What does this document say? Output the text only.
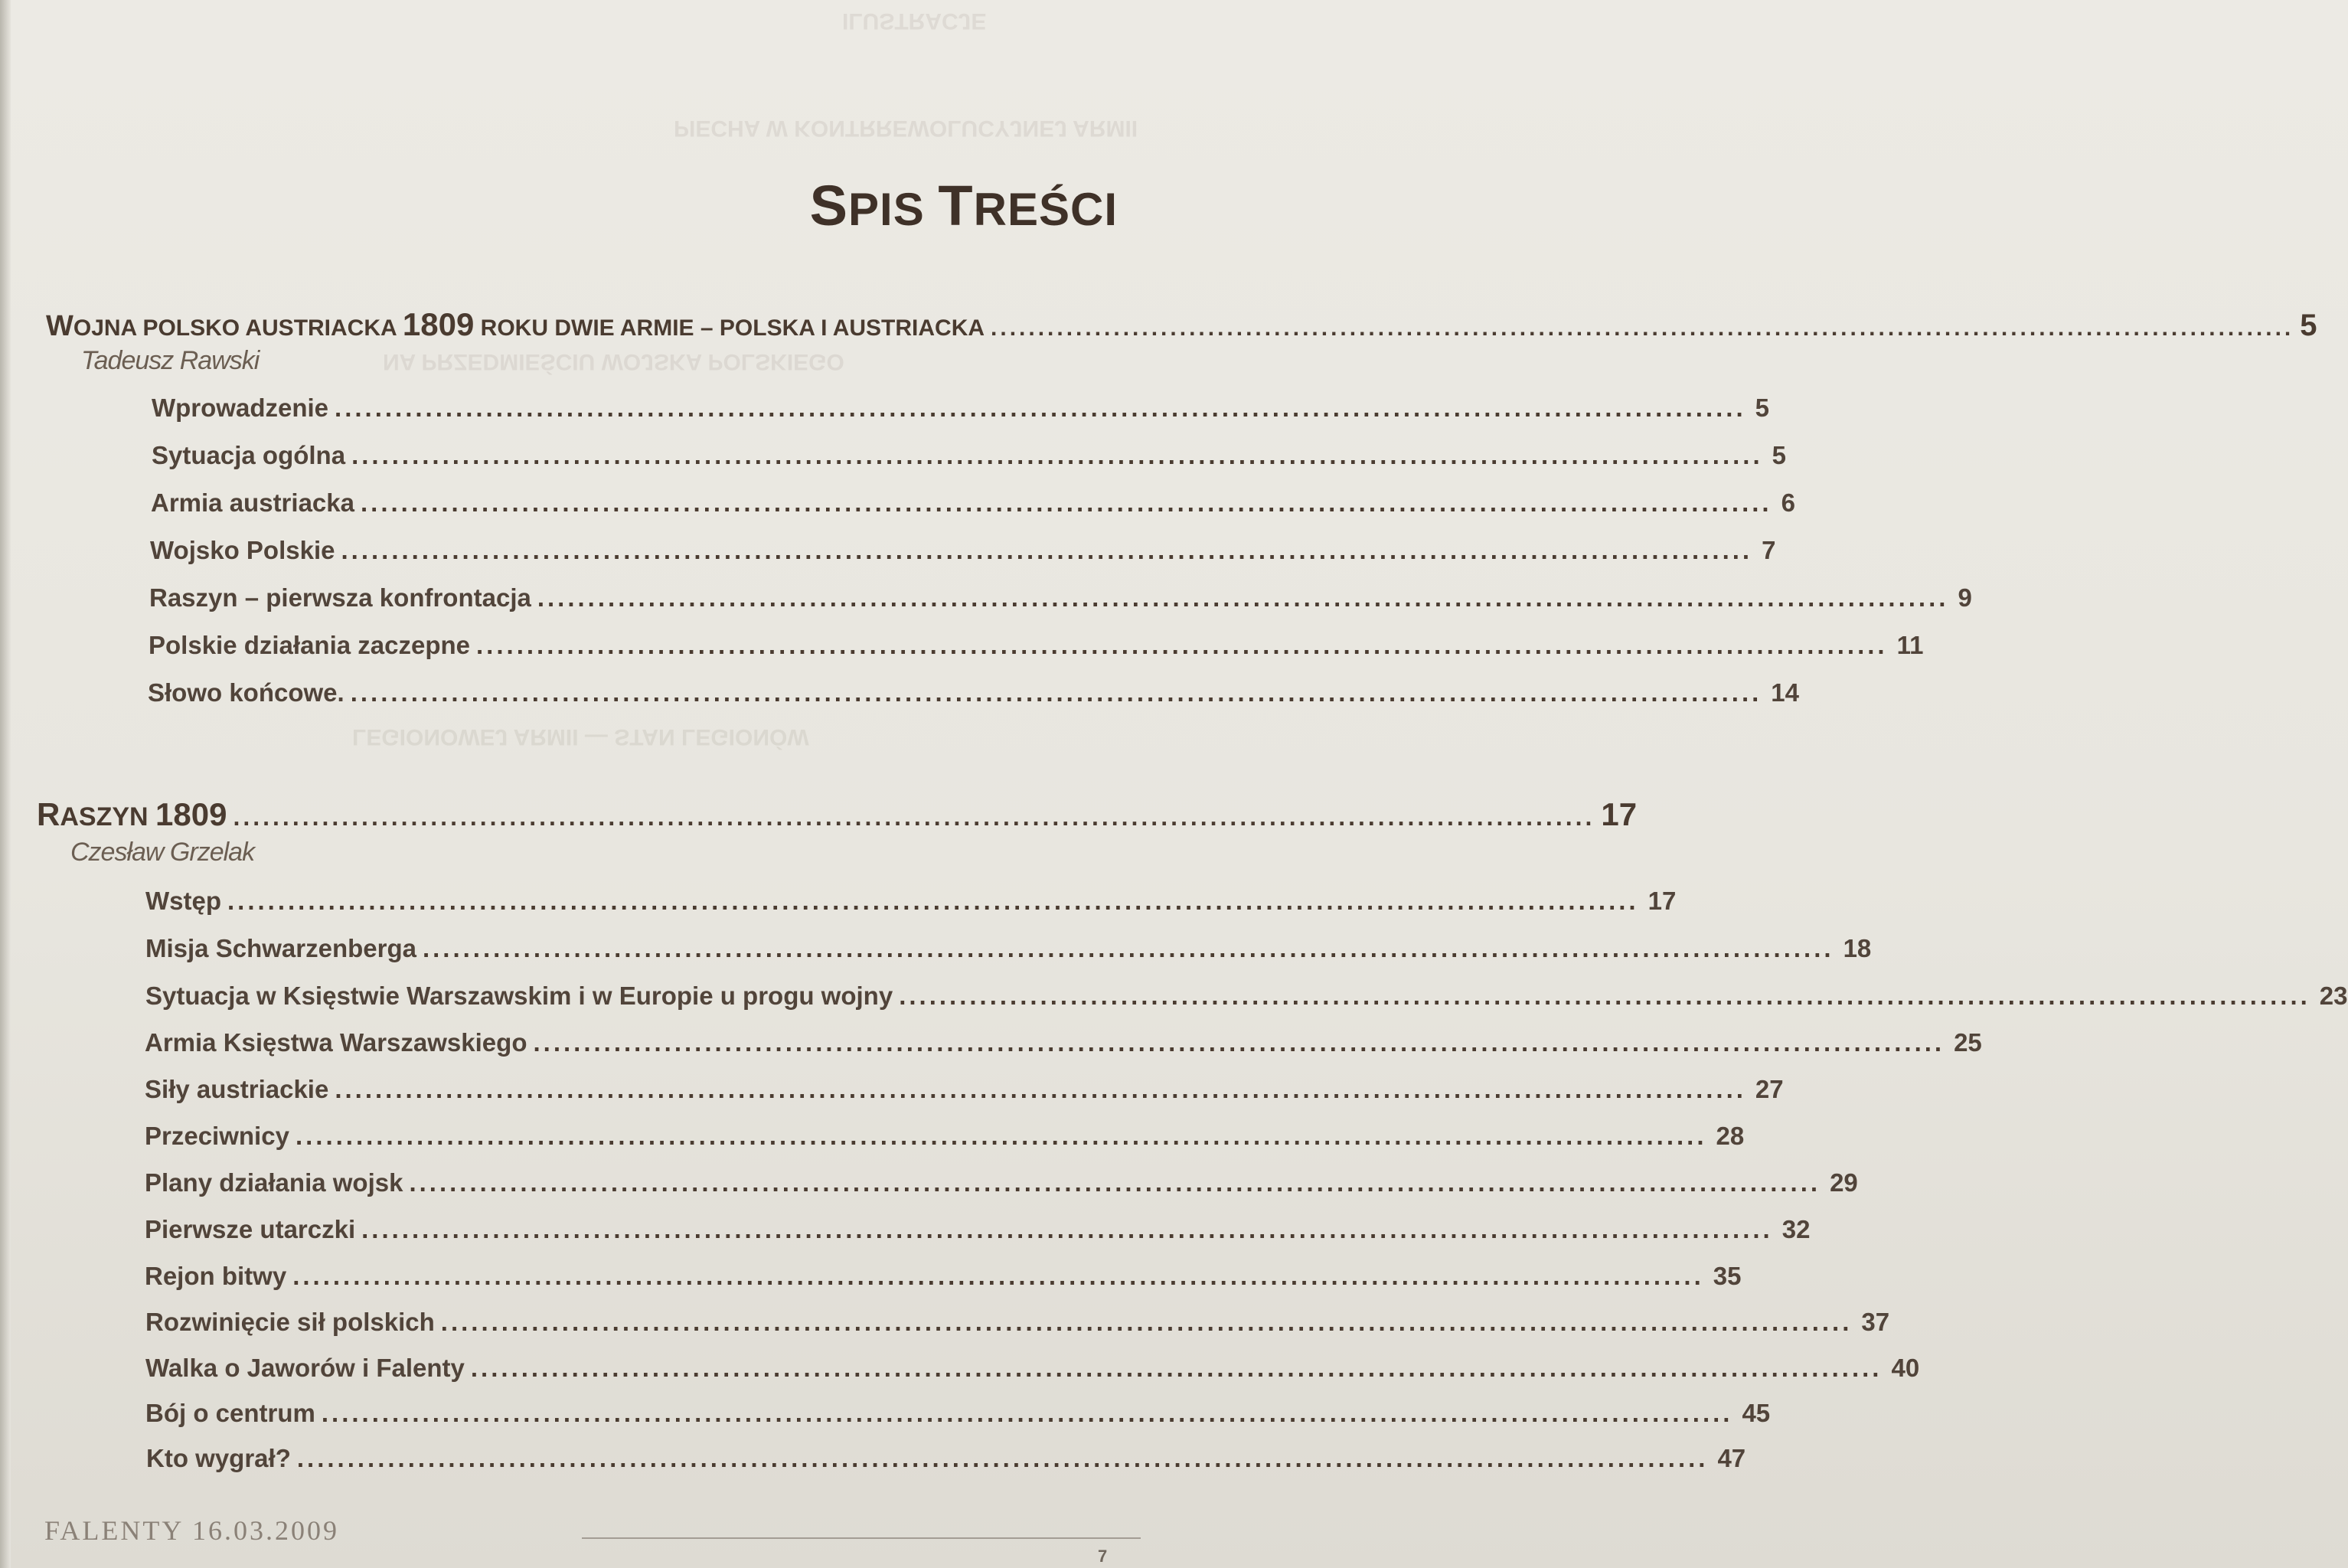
ILUSTRACJE
PIECHA W KONTRREWOLUCYJNEJ ARMII
NA PRZEDMIEŚCIU WOJSKA POLSKIEGO
LEGIONOWEJ ARMII — STAN LEGIONÓW
SPIS TREŚCI
WOJNA POLSKO AUSTRIACKA 1809 ROKU DWIE ARMIE – POLSKA I AUSTRIACKA .......................................................................................................................................... 5
Tadeusz Rawski
Wprowadzenie ............................................................................................................................................ 5
Sytuacja ogólna ............................................................................................................................................ 5
Armia austriacka ............................................................................................................................................ 6
Wojsko Polskie ............................................................................................................................................ 7
Raszyn – pierwsza konfrontacja ............................................................................................................................................ 9
Polskie działania zaczepne ............................................................................................................................................ 11
Słowo końcowe. ............................................................................................................................................ 14
RASZYN 1809 .......................................................................................................................................... 17
Czesław Grzelak
Wstęp ............................................................................................................................................ 17
Misja Schwarzenberga ............................................................................................................................................ 18
Sytuacja w Księstwie Warszawskim i w Europie u progu wojny ............................................................................................................................................ 23
Armia Księstwa Warszawskiego ............................................................................................................................................ 25
Siły austriackie ............................................................................................................................................ 27
Przeciwnicy ............................................................................................................................................ 28
Plany działania wojsk ............................................................................................................................................ 29
Pierwsze utarczki ............................................................................................................................................ 32
Rejon bitwy ............................................................................................................................................ 35
Rozwinięcie sił polskich ............................................................................................................................................ 37
Walka o Jaworów i Falenty ............................................................................................................................................ 40
Bój o centrum ............................................................................................................................................ 45
Kto wygrał? ............................................................................................................................................ 47
FALENTY 16.03.2009
7
